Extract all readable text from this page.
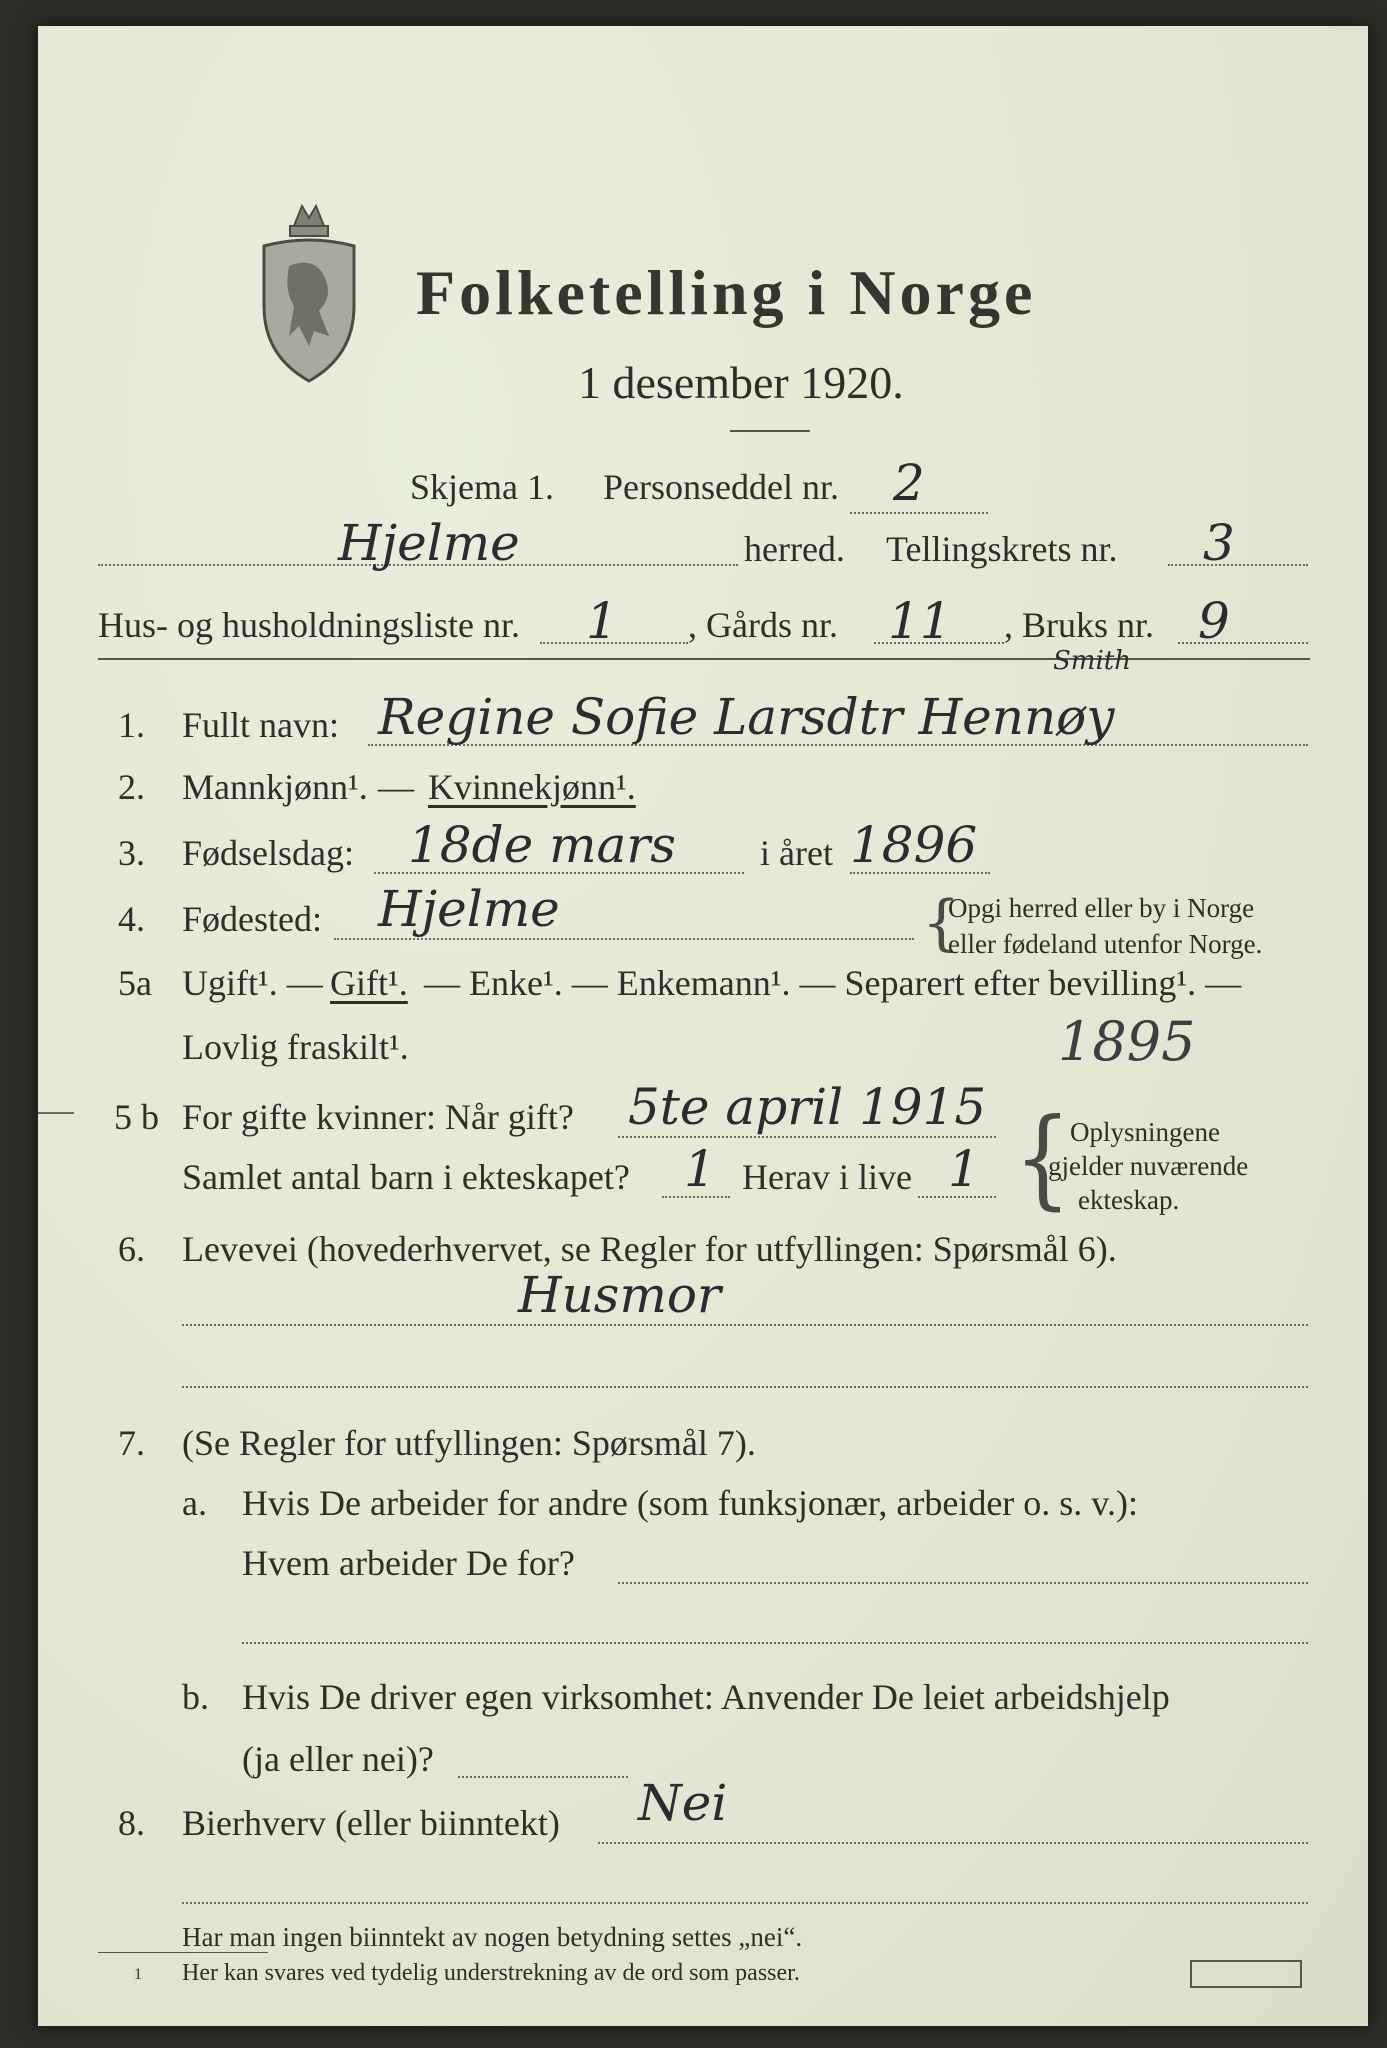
Folketelling i Norge
1 desember 1920.
Skjema 1. Personseddel nr. 2
Hjelme	herred. Tellingskrets nr. 3
Hus- og husholdningsliste nr. 1 , Gårds nr. 11 , Bruks nr. 9
1. Fullt navn: Regine Sofie Larsdtr Hennøy
Smith
2. Mannkjønn¹. — Kvinnekjønn¹.
3. Fødselsdag: 18de mars i året 1896
4. Fødested: Hjelme	{
Opgi herred eller by i Norge
eller fødeland utenfor Norge.
5a Ugift¹. — Gift¹. — Enke¹. — Enkemann¹. — Separert efter bevilling¹. —
Lovlig fraskilt¹.	1895
5 b For gifte kvinner: Når gift? 5te april 1915
Samlet antal barn i ekteskapet? 1 Herav i live 1 {
Oplysningene
gjelder nuværende
ekteskap.
6. Levevei (hovederhvervet, se Regler for utfyllingen: Spørsmål 6).
Husmor
7. (Se Regler for utfyllingen: Spørsmål 7).
a. Hvis De arbeider for andre (som funksjonær, arbeider o. s. v.):
Hvem arbeider De for?
b. Hvis De driver egen virksomhet: Anvender De leiet arbeidshjelp
(ja eller nei)?
8. Bierhverv (eller biinntekt) Nei
Har man ingen biinntekt av nogen betydning settes „nei“.
1 Her kan svares ved tydelig understrekning av de ord som passer.
